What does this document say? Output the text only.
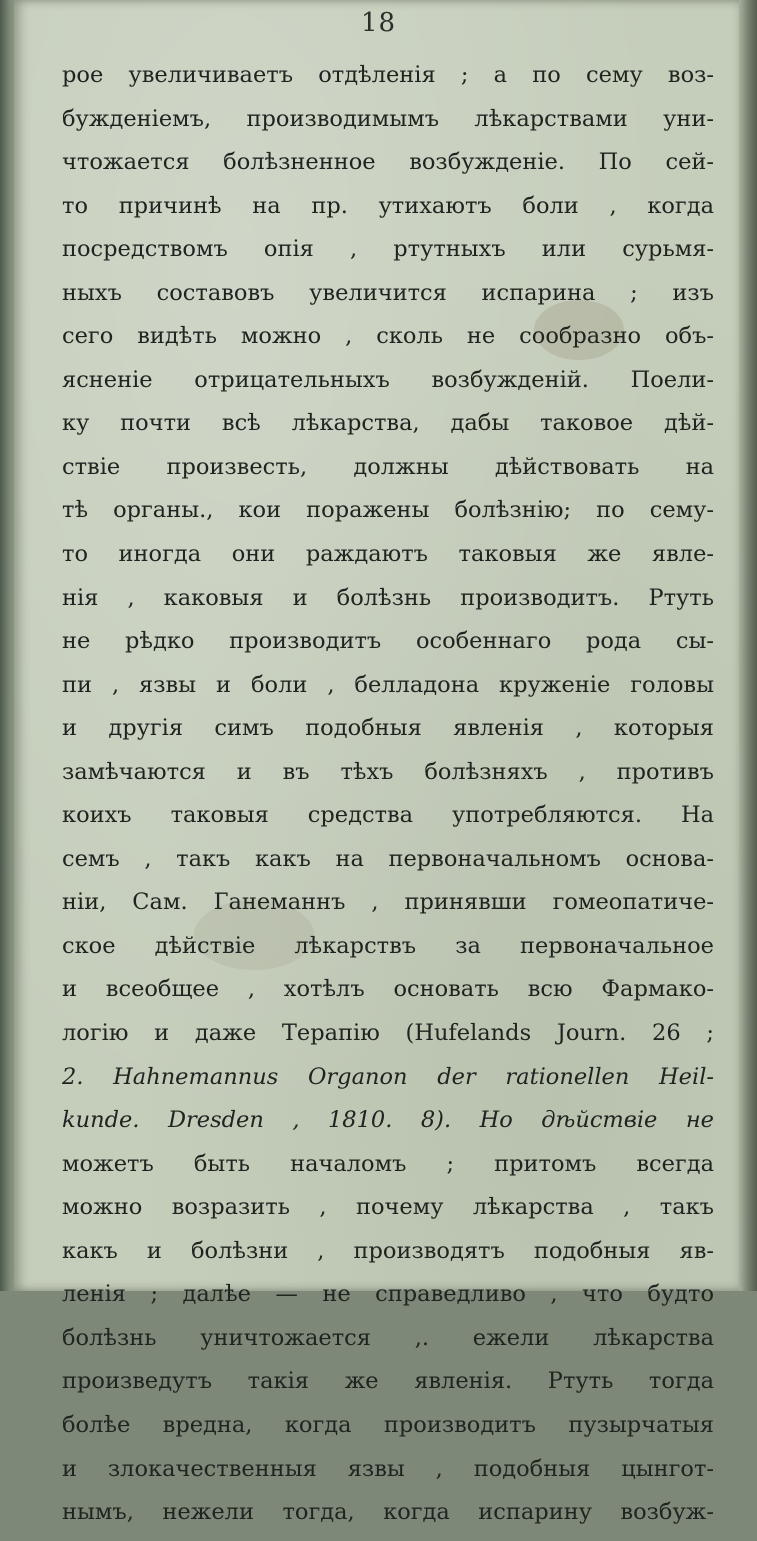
18
рое увеличиваетъ отдѣленія ; а по сему воз-
бужденіемъ, производимымъ лѣкарствами уни-
чтожается болѣзненное возбужденіе. По сей-
то причинѣ на пр. утихаютъ боли , когда
посредствомъ опія , ртутныхъ или сурьмя-
ныхъ составовъ увеличится испарина ; изъ
сего видѣть можно , сколь не сообразно объ-
ясненіе отрицательныхъ возбужденій. Поели-
ку почти всѣ лѣкарства, дабы таковое дѣй-
ствіе произвесть, должны дѣйствовать на
тѣ органы., кои поражены болѣзнію; по сему-
то иногда они раждаютъ таковыя же явле-
нія , каковыя и болѣзнь производитъ. Ртуть
не рѣдко производитъ особеннаго рода сы-
пи , язвы и боли , белладона круженіе головы
и другія симъ подобныя явленія , которыя
замѣчаются и въ тѣхъ болѣзняхъ , противъ
коихъ таковыя средства употребляются. На
семъ , такъ какъ на первоначальномъ основа-
ніи, Сам. Ганеманнъ , принявши гомеопатиче-
ское дѣйствіе лѣкарствъ за первоначальное
и всеобщее , хотѣлъ основать всю Фармако-
логію и даже Терапію (Hufelands Journ. 26 ;
2. Hahnemannus Organon der rationellen Heil-
kunde. Dresden , 1810. 8). Но дѣйствіе не
можетъ быть началомъ ; притомъ всегда
можно возразить , почему лѣкарства , такъ
какъ и болѣзни , производятъ подобныя яв-
ленія ; далѣе — не справедливо , что будто
болѣзнь уничтожается ,. ежели лѣкарства
произведутъ такія же явленія. Ртуть тогда
болѣе вредна, когда производитъ пузырчатыя
и злокачественныя язвы , подобныя цынгот-
нымъ, нежели тогда, когда испарину возбуж-
